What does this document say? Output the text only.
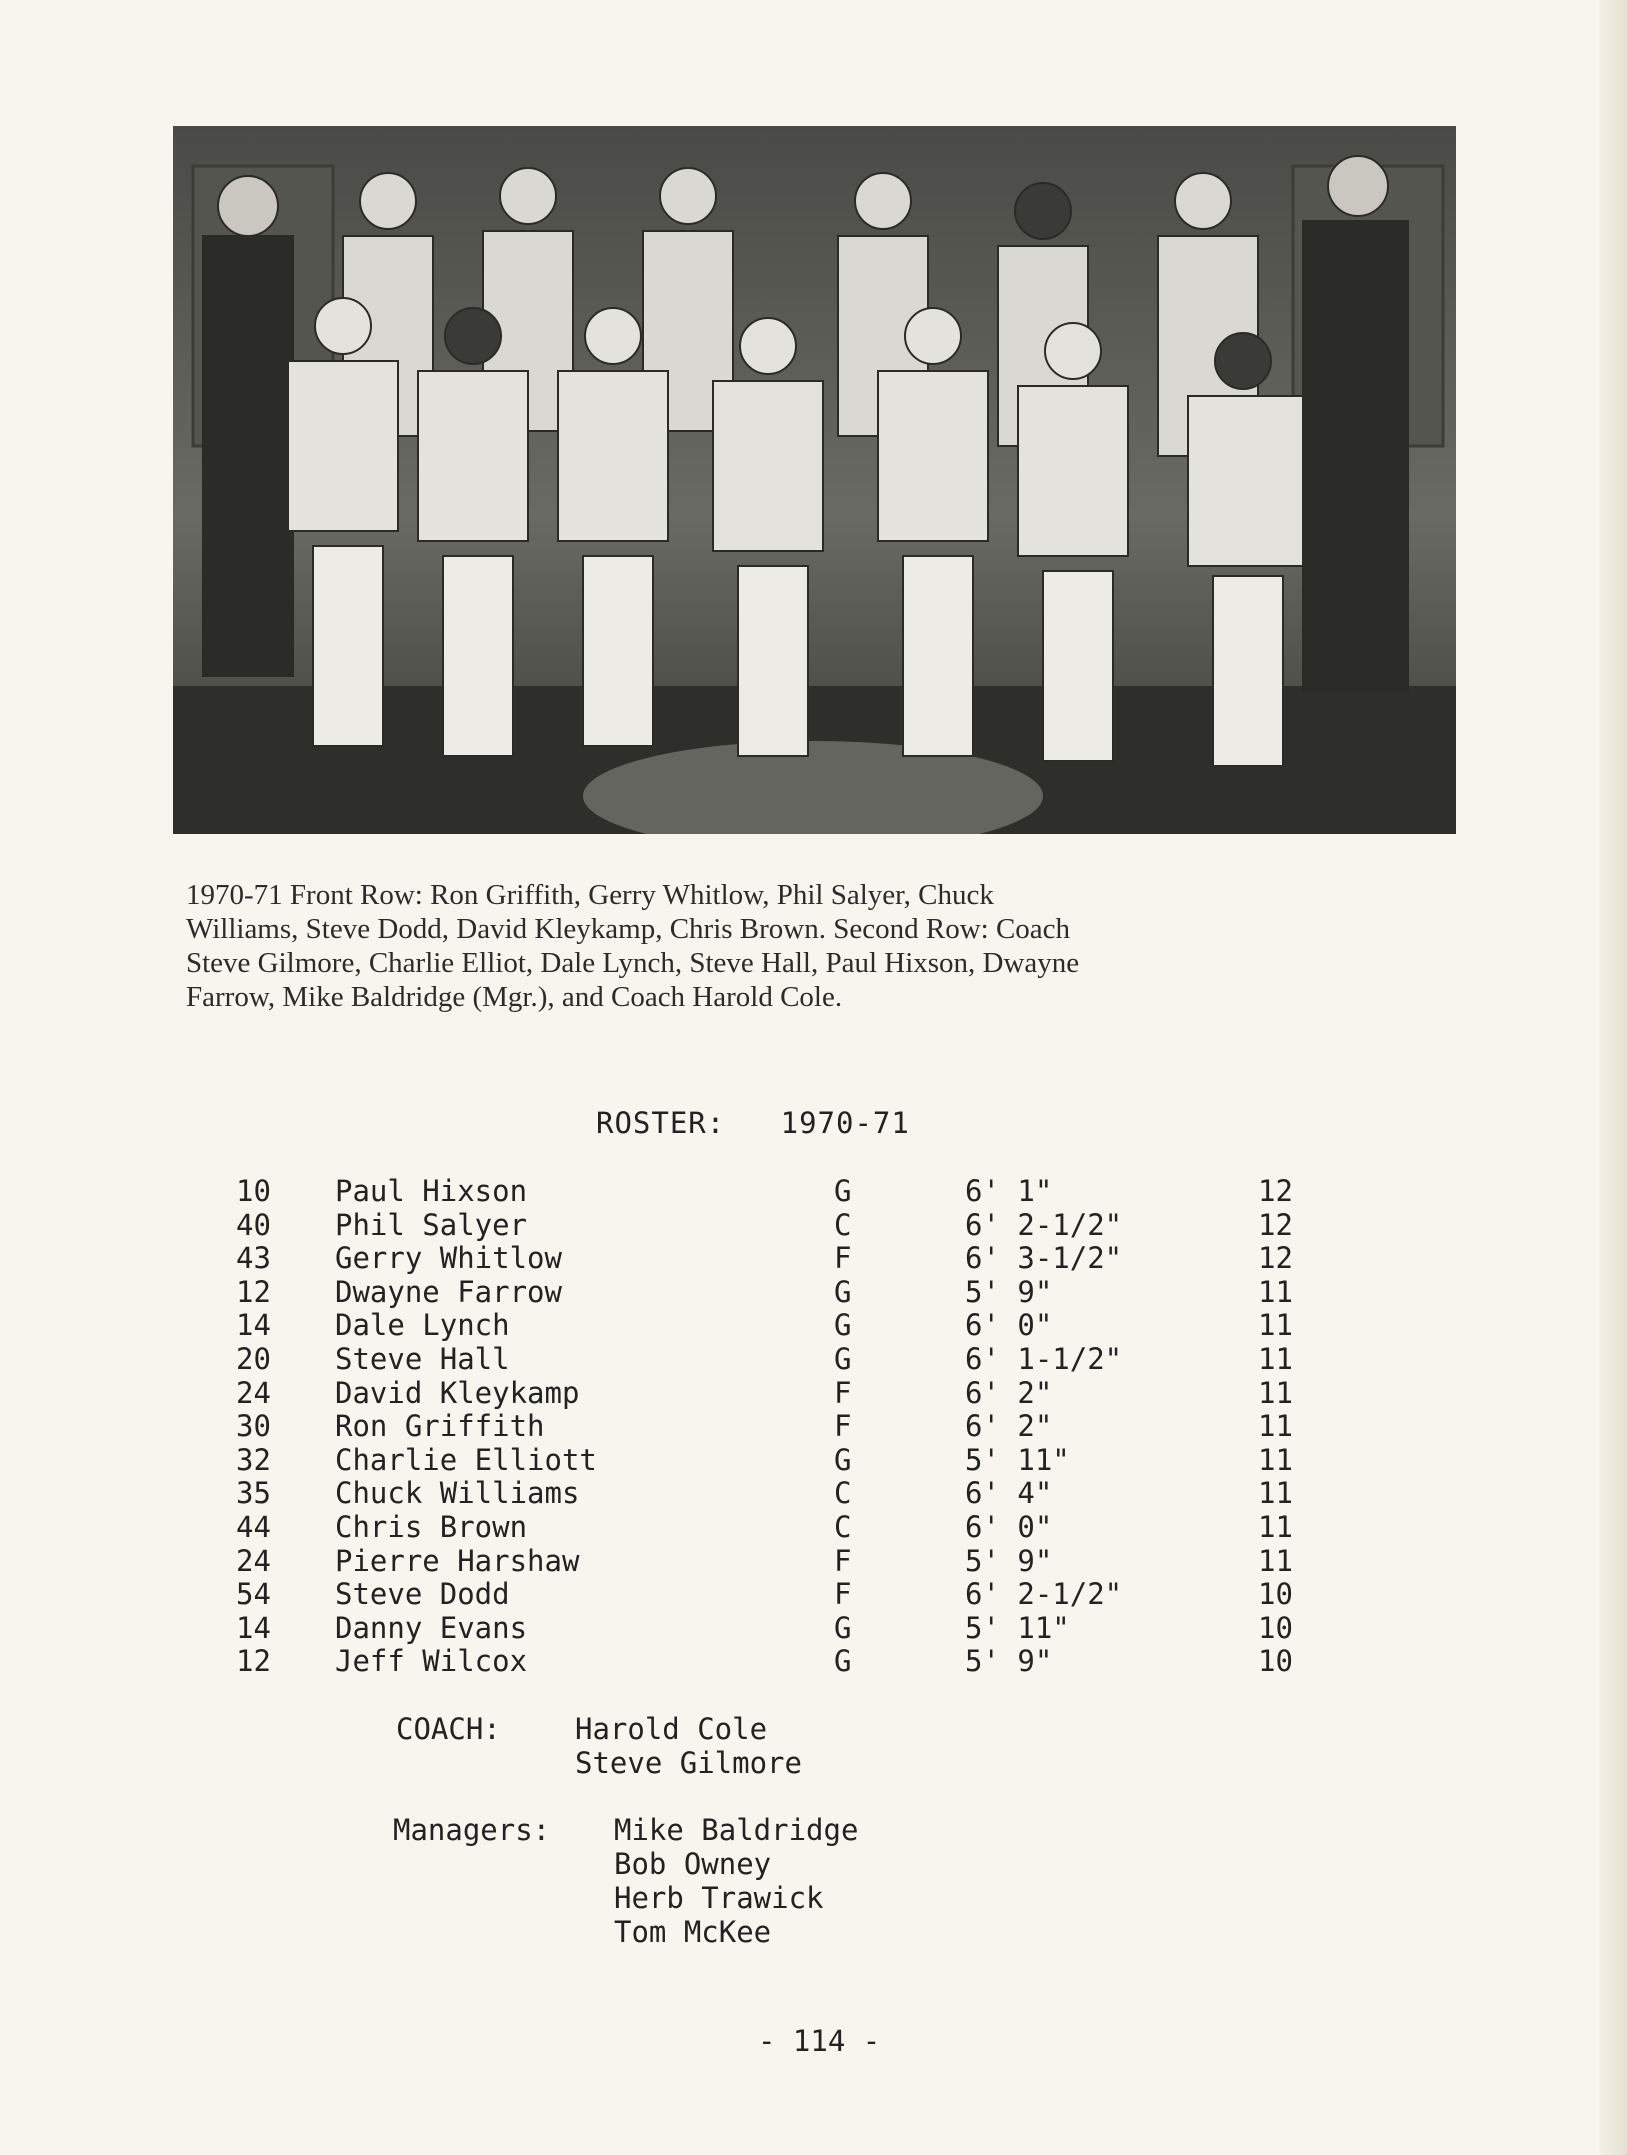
1970-71 Front Row: Ron Griffith, Gerry Whitlow, Phil Salyer, Chuck
Williams, Steve Dodd, David Kleykamp, Chris Brown. Second Row: Coach
Steve Gilmore, Charlie Elliot, Dale Lynch, Steve Hall, Paul Hixson, Dwayne
Farrow, Mike Baldridge (Mgr.), and Coach Harold Cole.
ROSTER: 1970-71
10 Paul Hixson	G	6' 1"	12
40 Phil Salyer	C	6' 2-1/2"	12
43 Gerry Whitlow	F	6' 3-1/2"	12
12 Dwayne Farrow	G	5' 9"	11
14 Dale Lynch	G	6' 0"	11
20 Steve Hall	G	6' 1-1/2"	11
24 David Kleykamp	F	6' 2"	11
30 Ron Griffith	F	6' 2"	11
32 Charlie Elliott	G	5' 11"	11
35 Chuck Williams	C	6' 4"	11
44 Chris Brown	C	6' 0"	11
24 Pierre Harshaw	F	5' 9"	11
54 Steve Dodd	F	6' 2-1/2"	10
14 Danny Evans	G	5' 11"	10
12 Jeff Wilcox	G	5' 9"	10
COACH:	Harold Cole
Steve Gilmore
Managers: Mike Baldridge
Bob Owney
Herb Trawick
Tom McKee
- 114 -
